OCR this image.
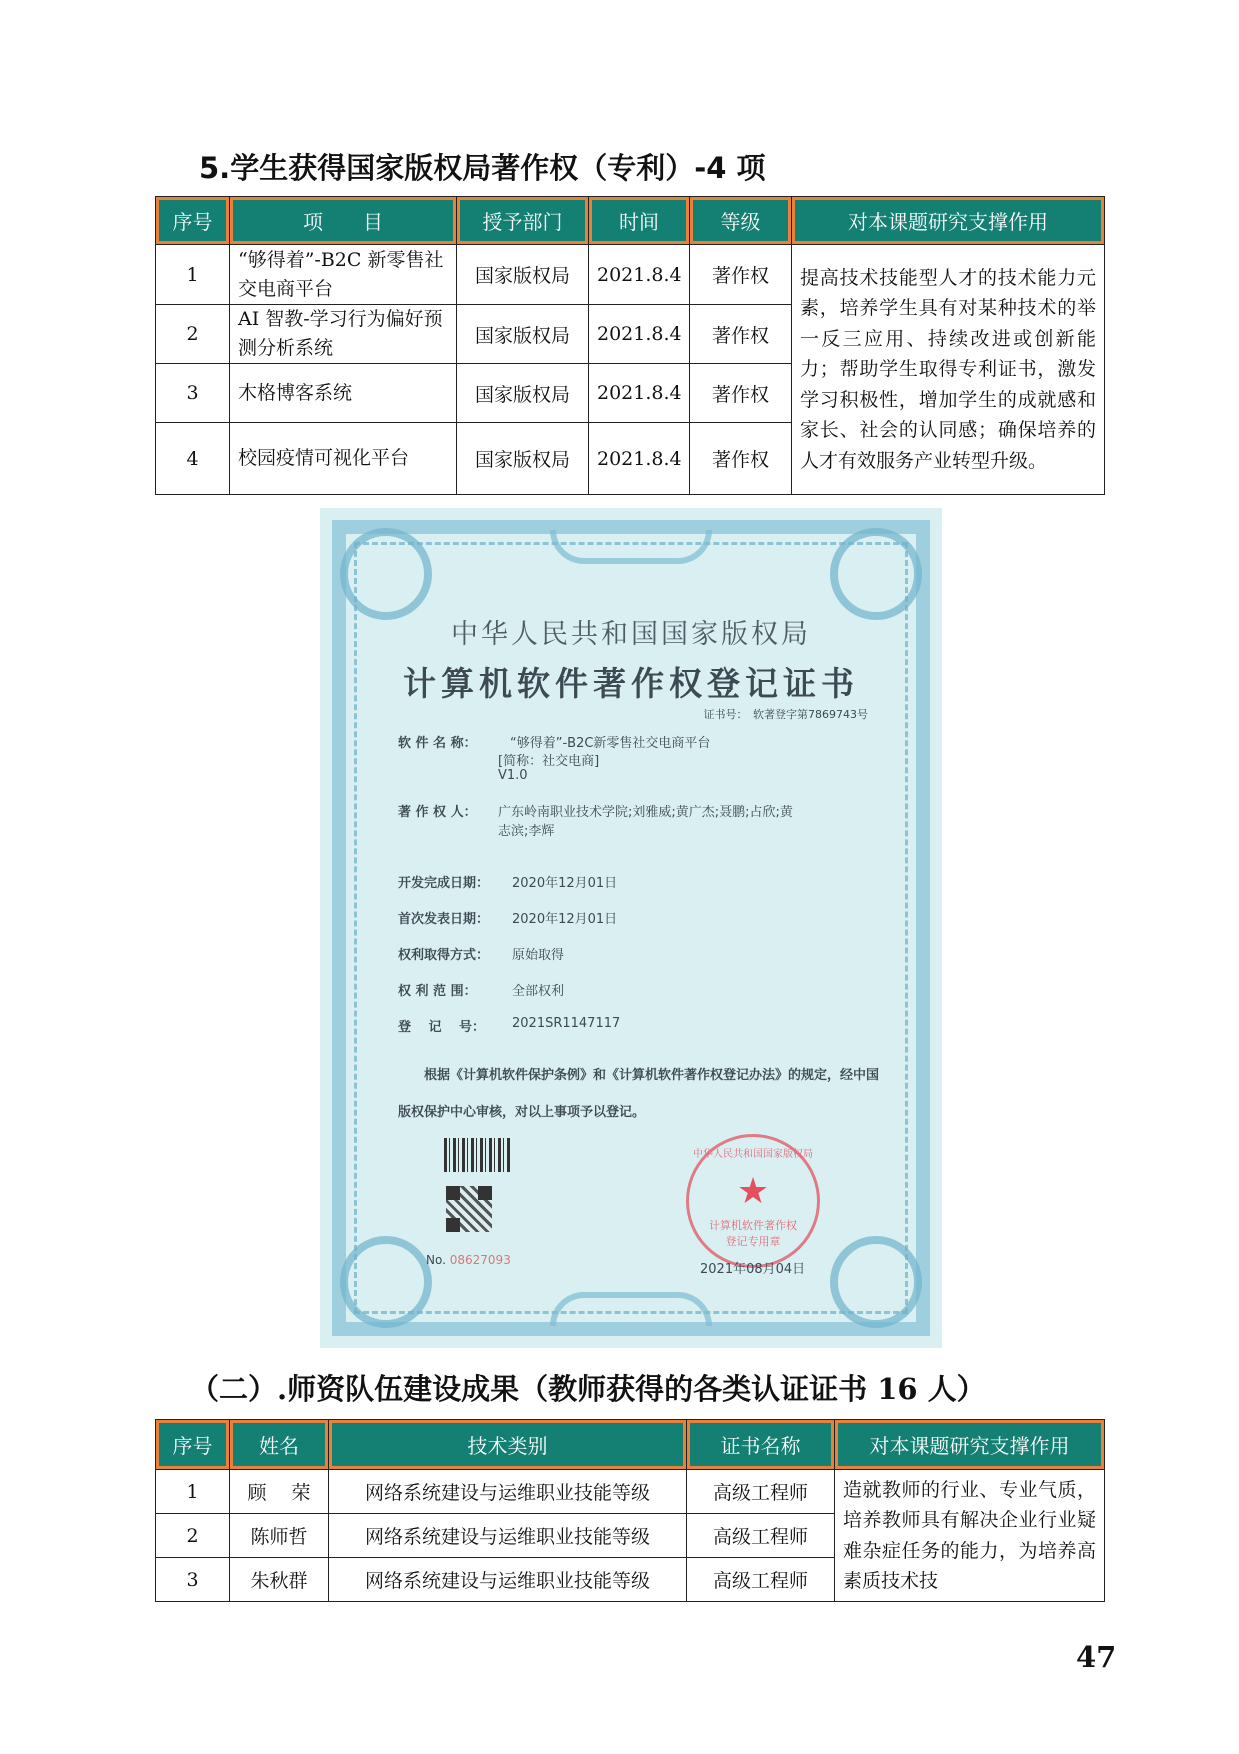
5.学生获得国家版权局著作权（专利）-4 项
序号	项　　目	授予部门	时间	等级	对本课题研究支撑作用
1	“够得着”-B2C 新零售社交电商平台	国家版权局	2021.8.4	著作权	提高技术技能型人才的技术能力元素，培养学生具有对某种技术的举一反三应用、持续改进或创新能力；帮助学生取得专利证书，激发学习积极性，增加学生的成就感和家长、社会的认同感；确保培养的人才有效服务产业转型升级。
2	AI 智教-学习行为偏好预测分析系统	国家版权局	2021.8.4	著作权	
3	木格博客系统	国家版权局	2021.8.4	著作权	
4	校园疫情可视化平台	国家版权局	2021.8.4	著作权	
中华人民共和国国家版权局
计算机软件著作权登记证书
证书号：　软著登字第7869743号
软 件 名 称：	“够得着”-B2C新零售社交电商平台
[简称：社交电商]
V1.0
著 作 权 人： 广东岭南职业技术学院;刘雅威;黄广杰;聂鹏;占欣;黄
志滨;李辉
开发完成日期： 2020年12月01日
首次发表日期： 2020年12月01日
权利取得方式： 原始取得
权 利 范 围：	全部权利
登　 记　 号： 2021SR1147117
根据《计算机软件保护条例》和《计算机软件著作权登记办法》的规定，经中国版权保护中心审核，对以上事项予以登记。
No. 08627093
中华人民共和国国家版权局
★
计算机软件著作权
登记专用章
2021年08月04日
（二）.师资队伍建设成果（教师获得的各类认证证书 16 人）
序号	姓名	技术类别	证书名称	对本课题研究支撑作用
1	顾　 荣	网络系统建设与运维职业技能等级	高级工程师	造就教师的行业、专业气质，培养教师具有解决企业行业疑难杂症任务的能力，为培养高素质技术技
2	陈师哲	网络系统建设与运维职业技能等级	高级工程师	
3	朱秋群	网络系统建设与运维职业技能等级	高级工程师	
47
